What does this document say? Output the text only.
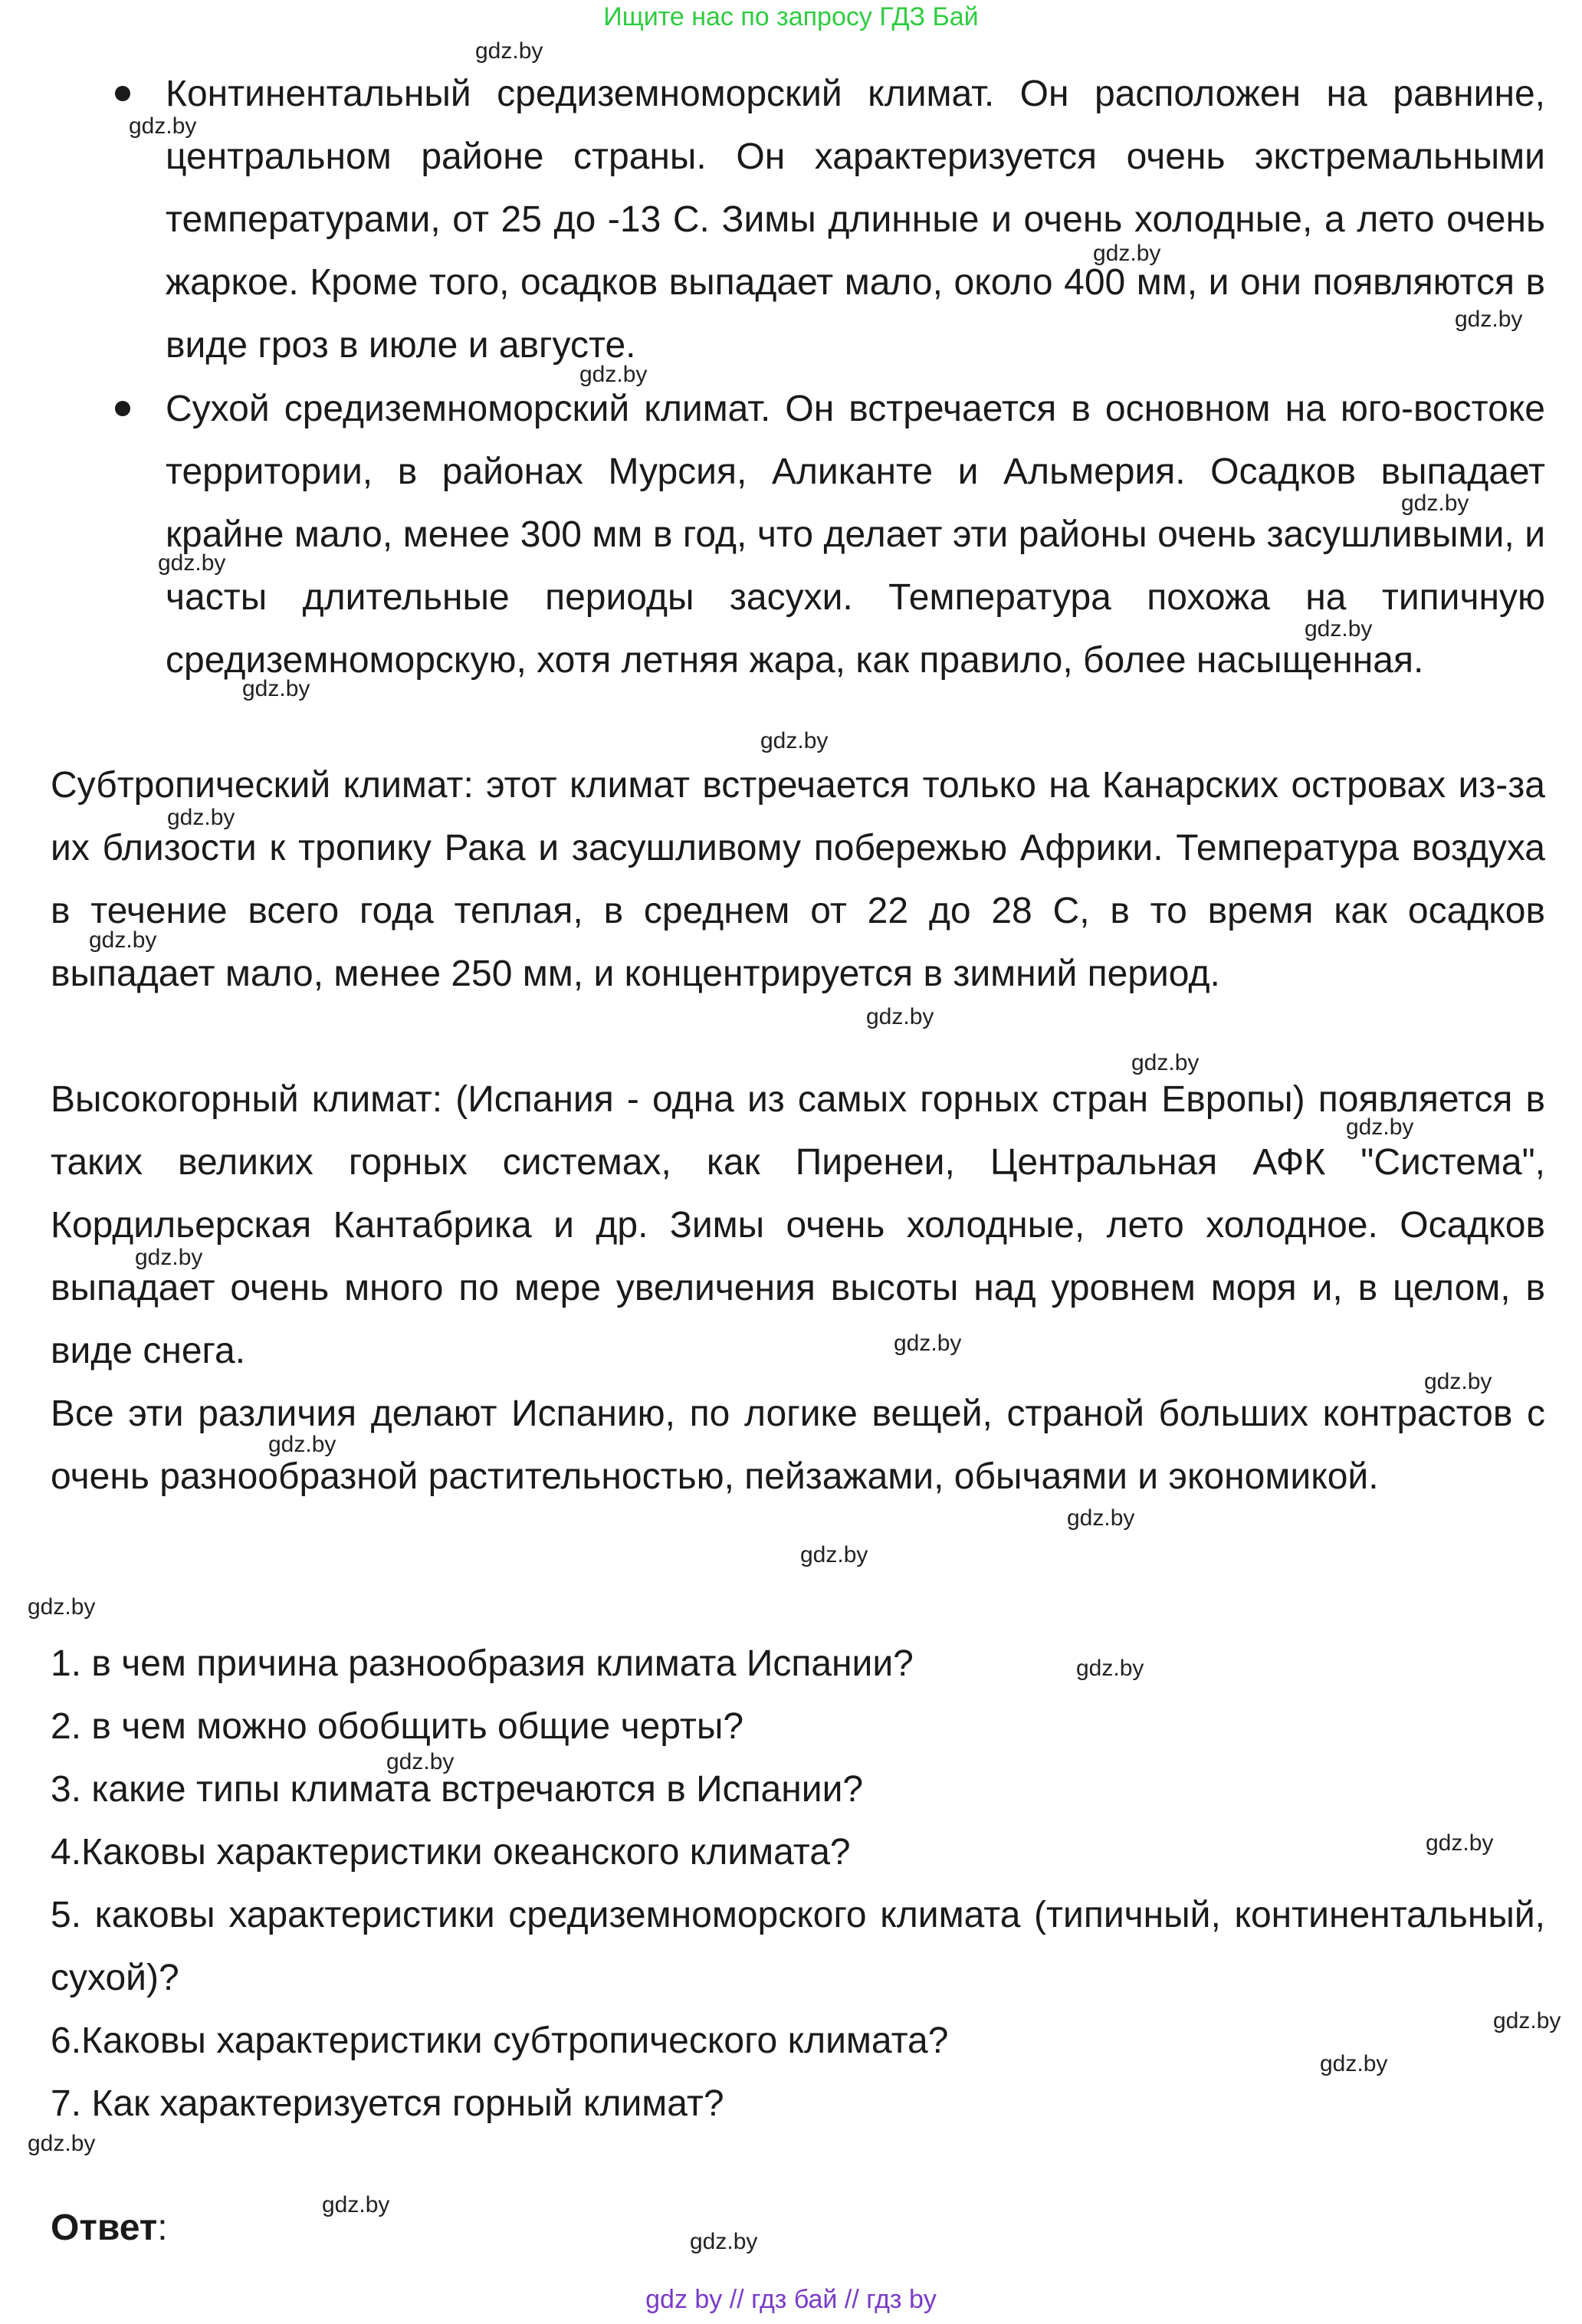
Ищите нас по запросу ГДЗ Бай
Континентальный средиземноморский климат. Он расположен на равнине, центральном районе страны. Он характеризуется очень экстремальными температурами, от 25 до -13 С. Зимы длинные и очень холодные, а лето очень жаркое. Кроме того, осадков выпадает мало, около 400 мм, и они появляются в виде гроз в июле и августе.
Сухой средиземноморский климат. Он встречается в основном на юго-востоке территории, в районах Мурсия, Аликанте и Альмерия. Осадков выпадает крайне мало, менее 300 мм в год, что делает эти районы очень засушливыми, и часты длительные периоды засухи. Температура похожа на типичную средиземноморскую, хотя летняя жара, как правило, более насыщенная.
Субтропический климат: этот климат встречается только на Канарских островах из-за их близости к тропику Рака и засушливому побережью Африки. Температура воздуха в течение всего года теплая, в среднем от 22 до 28 С, в то время как осадков выпадает мало, менее 250 мм, и концентрируется в зимний период.
Высокогорный климат: (Испания - одна из самых горных стран Европы) появляется в таких великих горных системах, как Пиренеи, Центральная АФК "Система", Кордильерская Кантабрика и др. Зимы очень холодные, лето холодное. Осадков выпадает очень много по мере увеличения высоты над уровнем моря и, в целом, в виде снега.
Все эти различия делают Испанию, по логике вещей, страной больших контрастов с очень разнообразной растительностью, пейзажами, обычаями и экономикой.
1. в чем причина разнообразия климата Испании?
2. в чем можно обобщить общие черты?
3. какие типы климата встречаются в Испании?
4.Каковы характеристики океанского климата?
5. каковы характеристики средиземноморского климата (типичный, континентальный, сухой)?
6.Каковы характеристики субтропического климата?
7. Как характеризуется горный климат?
Ответ:
gdz.by
gdz.by
gdz.by
gdz.by
gdz.by
gdz.by
gdz.by
gdz.by
gdz.by
gdz.by
gdz.by
gdz.by
gdz.by
gdz.by
gdz.by
gdz.by
gdz.by
gdz.by
gdz.by
gdz.by
gdz.by
gdz.by
gdz.by
gdz.by
gdz.by
gdz.by
gdz.by
gdz.by
gdz.by
gdz.by
gdz by // гдз бай // гдз by
